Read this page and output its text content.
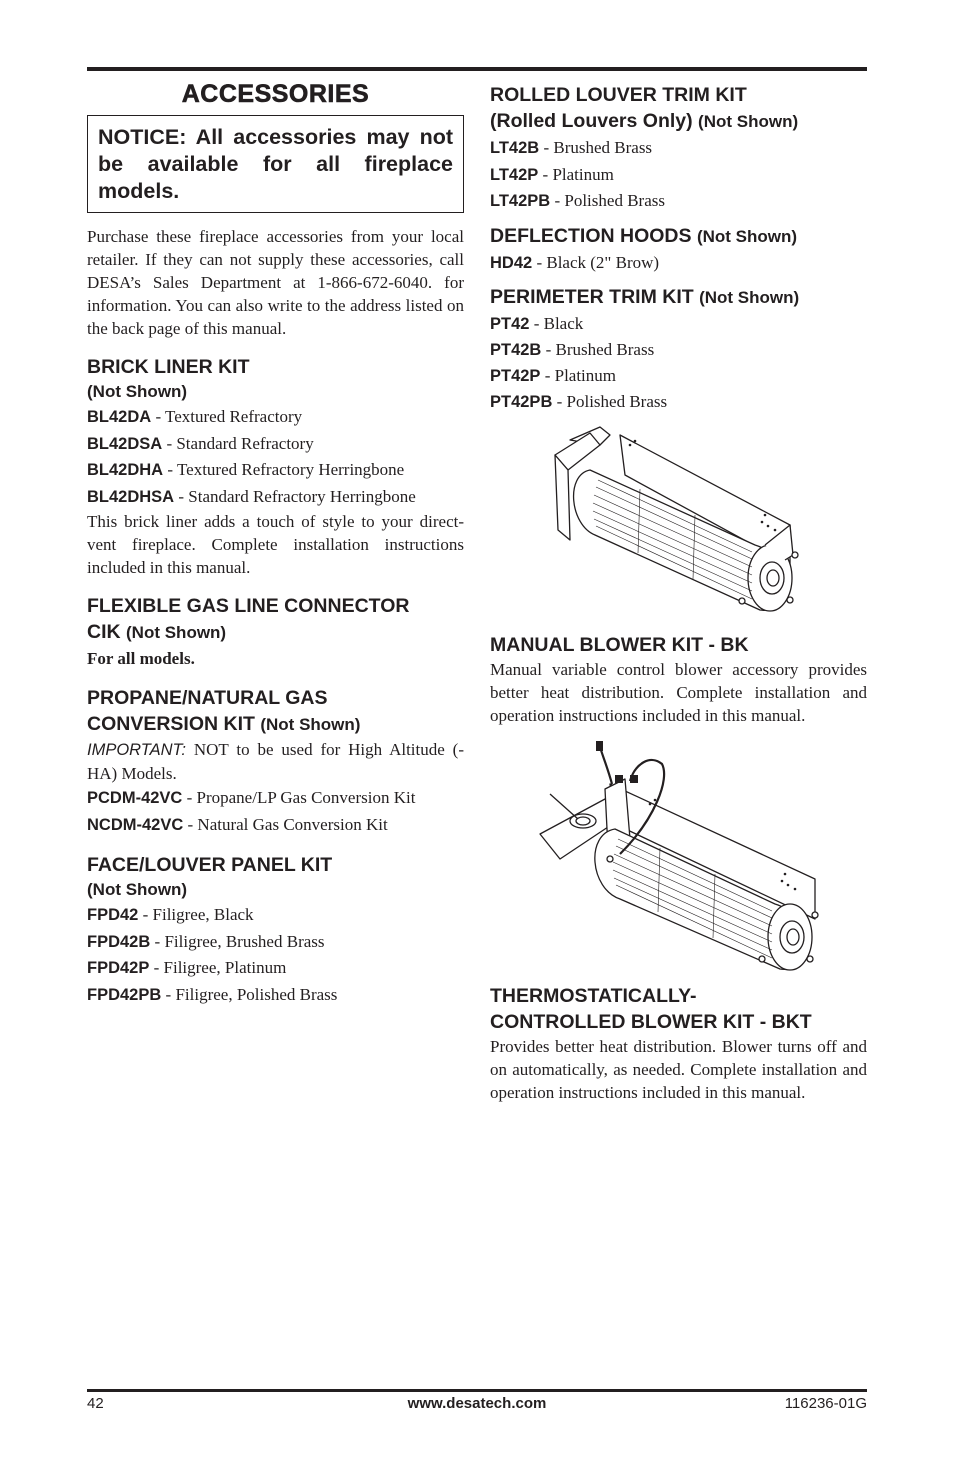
ACCESSORIES
NOTICE: All accessories may not be available for all fireplace models.

Purchase these fireplace accessories from your local retailer. If they can not supply these accessories, call DESA’s Sales Department at 1-866-672-6040. for information. You can also write to the address listed on the back page of this manual.

BRICK LINER KIT
(Not Shown)
BL42DA - Textured Refractory
BL42DSA - Standard Refractory
BL42DHA - Textured Refractory Herringbone
BL42DHSA - Standard Refractory Herringbone

This brick liner adds a touch of style to your direct-vent fireplace. Complete installation instructions included in this manual.

FLEXIBLE GAS LINE CONNECTOR
CIK (Not Shown)
For all models.
PROPANE/NATURAL GAS
CONVERSION KIT (Not Shown)

IMPORTANT: NOT to be used for High Altitude (-HA) Models.

PCDM-42VC - Propane/LP Gas Conversion Kit
NCDM-42VC - Natural Gas Conversion Kit
FACE/LOUVER PANEL KIT
(Not Shown)
FPD42 - Filigree, Black
FPD42B - Filigree, Brushed Brass
FPD42P - Filigree, Platinum
FPD42PB - Filigree, Polished Brass
ROLLED LOUVER TRIM KIT
(Rolled Louvers Only) (Not Shown)
LT42B - Brushed Brass
LT42P - Platinum
LT42PB - Polished Brass
DEFLECTION HOODS (Not Shown)
HD42 - Black (2" Brow)
PERIMETER TRIM KIT (Not Shown)
PT42 - Black
PT42B - Brushed Brass
PT42P - Platinum
PT42PB - Polished Brass
MANUAL BLOWER KIT - BK

Manual variable control blower accessory provides better heat distribution. Complete installation and operation instructions included in this manual.

THERMOSTATICALLY-
CONTROLLED BLOWER KIT - BKT

Provides better heat distribution. Blower turns off and on automatically, as needed. Complete installation and operation instructions included in this manual.

42	www.desatech.com	116236-01G
